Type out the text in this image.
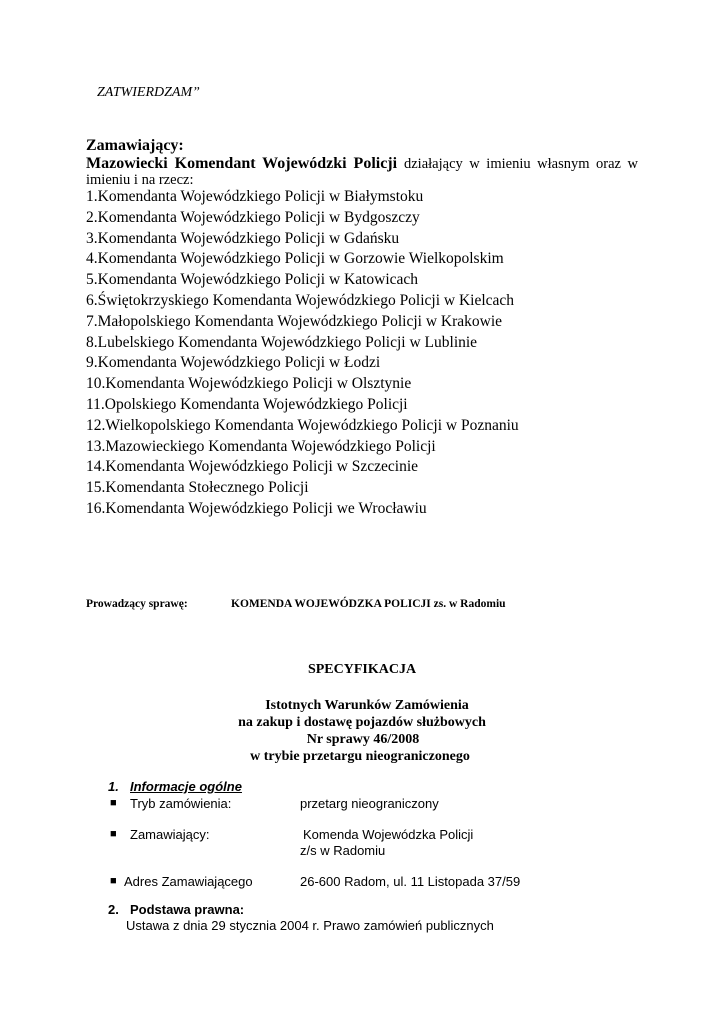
ZATWIERDZAM”
Zamawiający:
Mazowiecki Komendant Wojewódzki Policji działający w imieniu własnym oraz w
imieniu i na rzecz:
1.Komendanta Wojewódzkiego Policji w Białymstoku
2.Komendanta Wojewódzkiego Policji w Bydgoszczy
3.Komendanta Wojewódzkiego Policji w Gdańsku
4.Komendanta Wojewódzkiego Policji w Gorzowie Wielkopolskim
5.Komendanta Wojewódzkiego Policji w Katowicach
6.Świętokrzyskiego Komendanta Wojewódzkiego Policji w Kielcach
7.Małopolskiego Komendanta Wojewódzkiego Policji w Krakowie
8.Lubelskiego Komendanta Wojewódzkiego Policji w Lublinie
9.Komendanta Wojewódzkiego Policji w Łodzi
10.Komendanta Wojewódzkiego Policji w Olsztynie
11.Opolskiego Komendanta Wojewódzkiego Policji
12.Wielkopolskiego Komendanta Wojewódzkiego Policji w Poznaniu
13.Mazowieckiego Komendanta Wojewódzkiego Policji
14.Komendanta Wojewódzkiego Policji w Szczecinie
15.Komendanta Stołecznego Policji
16.Komendanta Wojewódzkiego Policji we Wrocławiu
Prowadzący sprawę:	KOMENDA WOJEWÓDZKA POLICJI zs. w Radomiu
SPECYFIKACJA
Istotnych Warunków Zamówienia
na zakup i dostawę pojazdów służbowych
Nr sprawy 46/2008
w trybie przetargu nieograniczonego
1. Informacje ogólne
■ Tryb zamówienia:	przetarg nieograniczony
■ Zamawiający:	Komenda Wojewódzka Policji
z/s w Radomiu
■ Adres Zamawiającego	26-600 Radom, ul. 11 Listopada 37/59
2. Podstawa prawna:
Ustawa z dnia 29 stycznia 2004 r. Prawo zamówień publicznych
